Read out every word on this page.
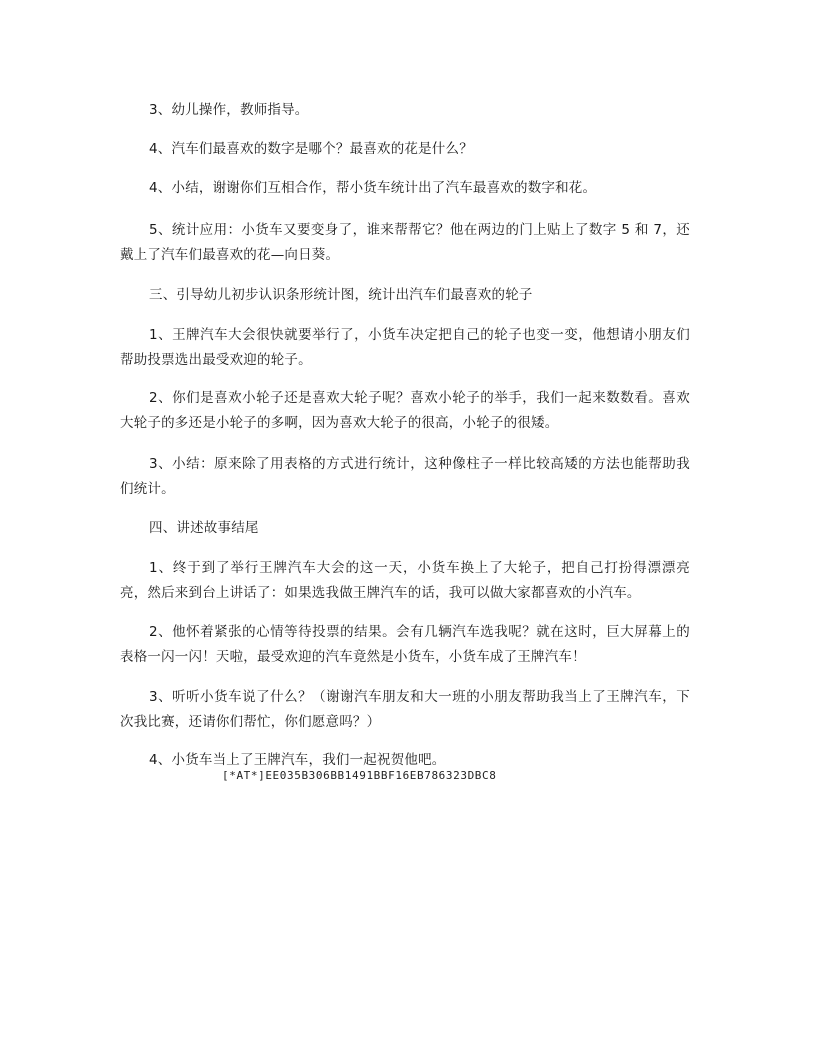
3、幼儿操作，教师指导。

4、汽车们最喜欢的数字是哪个？最喜欢的花是什么？

4、小结，谢谢你们互相合作，帮小货车统计出了汽车最喜欢的数字和花。

5、统计应用：小货车又要变身了，谁来帮帮它？他在两边的门上贴上了数字 5 和 7，还戴上了汽车们最喜欢的花—向日葵。

三、引导幼儿初步认识条形统计图，统计出汽车们最喜欢的轮子

1、王牌汽车大会很快就要举行了，小货车决定把自己的轮子也变一变，他想请小朋友们帮助投票选出最受欢迎的轮子。

2、你们是喜欢小轮子还是喜欢大轮子呢？喜欢小轮子的举手，我们一起来数数看。喜欢大轮子的多还是小轮子的多啊，因为喜欢大轮子的很高，小轮子的很矮。

3、小结：原来除了用表格的方式进行统计，这种像柱子一样比较高矮的方法也能帮助我们统计。

四、讲述故事结尾

1、终于到了举行王牌汽车大会的这一天，小货车换上了大轮子，把自己打扮得漂漂亮亮，然后来到台上讲话了：如果选我做王牌汽车的话，我可以做大家都喜欢的小汽车。

2、他怀着紧张的心情等待投票的结果。会有几辆汽车选我呢？就在这时，巨大屏幕上的表格一闪一闪！天啦，最受欢迎的汽车竟然是小货车，小货车成了王牌汽车！

3、听听小货车说了什么？（谢谢汽车朋友和大一班的小朋友帮助我当上了王牌汽车，下次我比赛，还请你们帮忙，你们愿意吗？）

4、小货车当上了王牌汽车，我们一起祝贺他吧。

[*AT*]EE035B306BB1491BBF16EB786323DBC8
